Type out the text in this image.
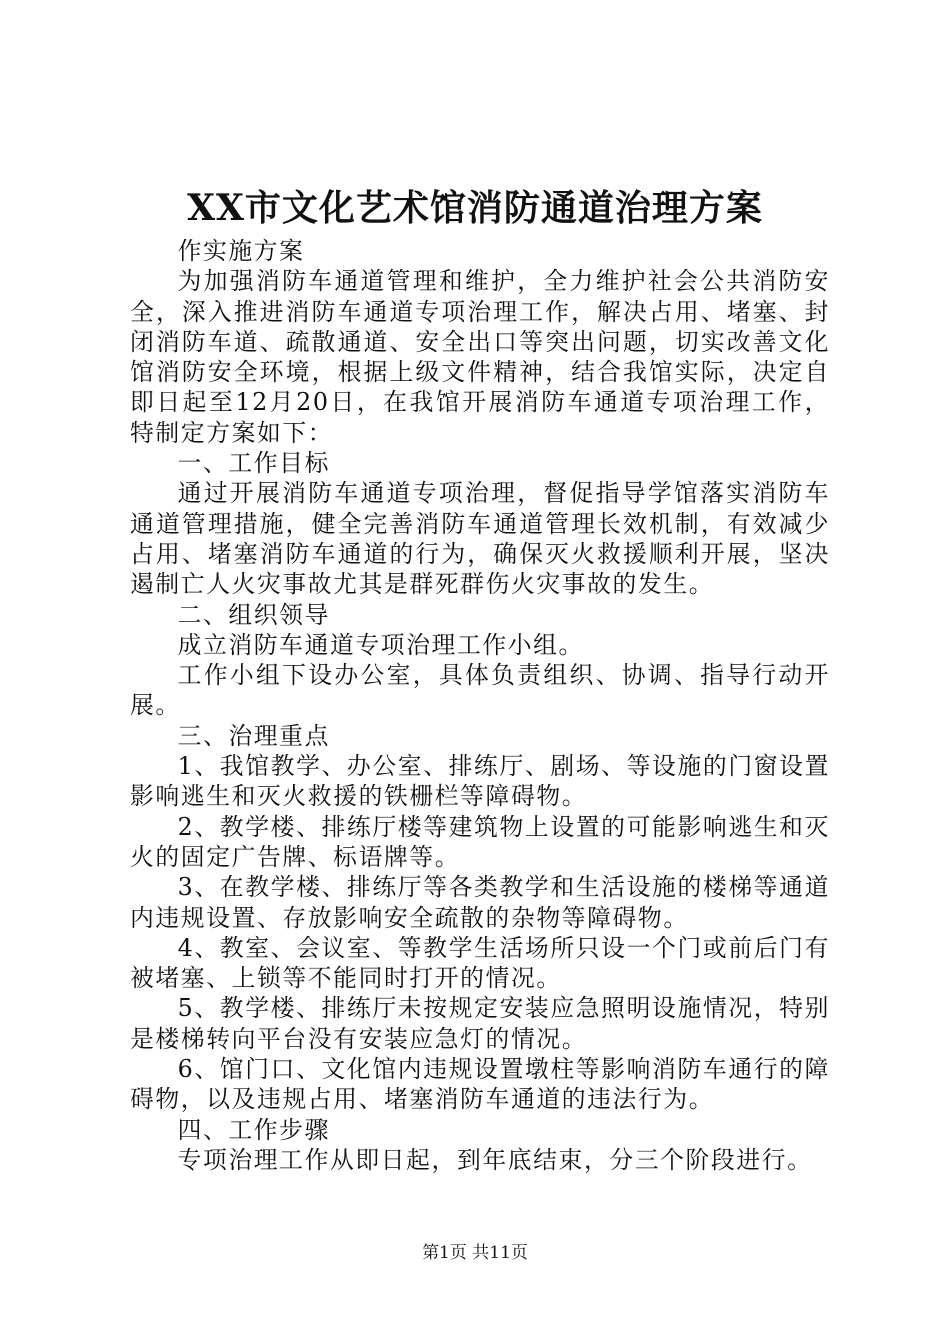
XX市文化艺术馆消防通道治理方案

作实施方案

为加强消防车通道管理和维护，全力维护社会公共消防安全，深入推进消防车通道专项治理工作，解决占用、堵塞、封闭消防车道、疏散通道、安全出口等突出问题，切实改善文化馆消防安全环境，根据上级文件精神，结合我馆实际，决定自即日起至12月20日，在我馆开展消防车通道专项治理工作，特制定方案如下：

一、工作目标

通过开展消防车通道专项治理，督促指导学馆落实消防车通道管理措施，健全完善消防车通道管理长效机制，有效减少占用、堵塞消防车通道的行为，确保灭火救援顺利开展，坚决遏制亡人火灾事故尤其是群死群伤火灾事故的发生。

二、组织领导

成立消防车通道专项治理工作小组。

工作小组下设办公室，具体负责组织、协调、指导行动开展。

三、治理重点

1、我馆教学、办公室、排练厅、剧场、等设施的门窗设置影响逃生和灭火救援的铁栅栏等障碍物。

2、教学楼、排练厅楼等建筑物上设置的可能影响逃生和灭火的固定广告牌、标语牌等。

3、在教学楼、排练厅等各类教学和生活设施的楼梯等通道内违规设置、存放影响安全疏散的杂物等障碍物。

4、教室、会议室、等教学生活场所只设一个门或前后门有被堵塞、上锁等不能同时打开的情况。

5、教学楼、排练厅未按规定安装应急照明设施情况，特别是楼梯转向平台没有安装应急灯的情况。

6、馆门口、文化馆内违规设置墩柱等影响消防车通行的障碍物，以及违规占用、堵塞消防车通道的违法行为。

四、工作步骤

专项治理工作从即日起，到年底结束，分三个阶段进行。

第1页 共11页
